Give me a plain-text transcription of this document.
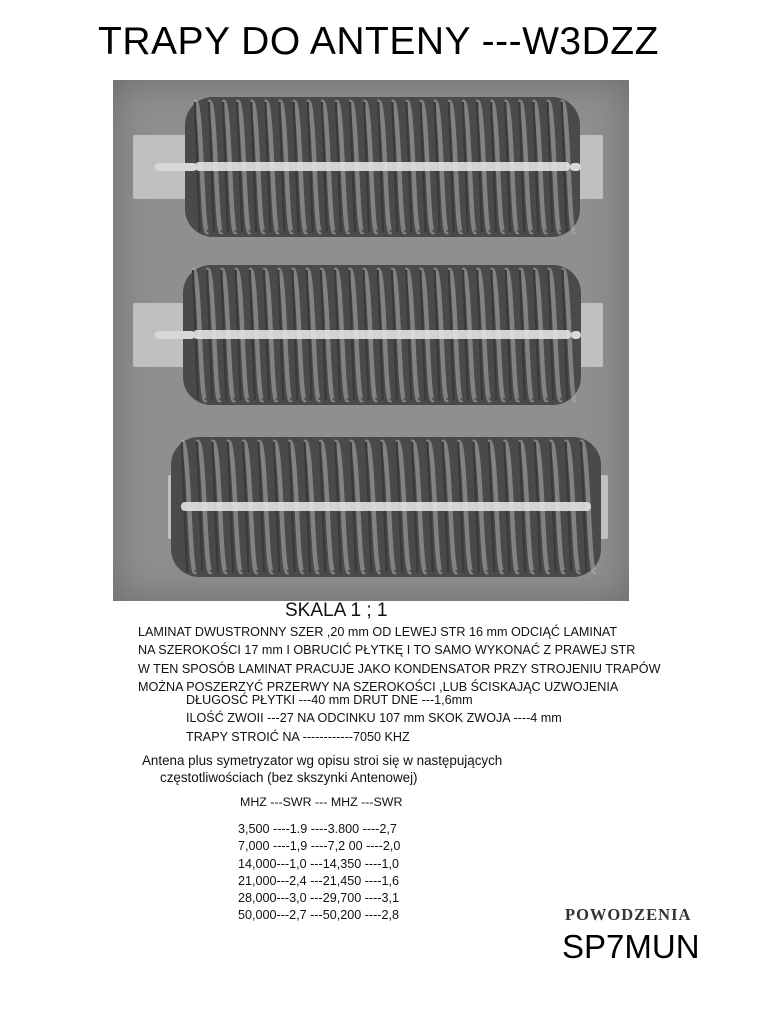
TRAPY DO ANTENY ---W3DZZ
SKALA 1 ; 1
LAMINAT DWUSTRONNY SZER ,20 mm OD LEWEJ STR 16 mm ODCIĄĆ LAMINAT
NA SZEROKOŚCI 17 mm I OBRUCIĆ PŁYTKĘ I TO SAMO WYKONAĆ Z PRAWEJ STR
W TEN SPOSÓB LAMINAT PRACUJE JAKO KONDENSATOR PRZY STROJENIU TRAPÓW
MOŻNA POSZERZYĆ PRZERWY NA SZEROKOŚCI ,LUB ŚCISKAJĄC UZWOJENIA
DŁUGOSĆ PŁYTKI ---40 mm DRUT DNE ---1,6mm
ILOŚĆ ZWOII ---27 NA ODCINKU 107 mm SKOK ZWOJA ----4 mm
TRAPY STROIĆ NA ------------7050 KHZ
Antena plus symetryzator wg opisu stroi się w następujących
częstotliwościach (bez skszynki Antenowej)
MHZ ---SWR --- MHZ ---SWR
3,500 ----1.9 ----3.800 ----2,7
7,000 ----1,9 ----7,2 00 ----2,0
14,000---1,0 ---14,350 ----1,0
21,000---2,4 ---21,450 ----1,6
28,000---3,0 ---29,700 ----3,1
50,000---2,7 ---50,200 ----2,8	POWODZENIA
SP7MUN
